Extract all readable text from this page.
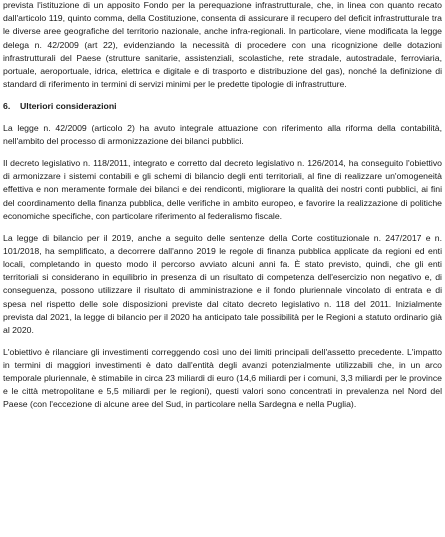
prevista l'istituzione di un apposito Fondo per la perequazione infrastrutturale, che, in linea con quanto recato dall'articolo 119, quinto comma, della Costituzione, consenta di assicurare il recupero del deficit infrastrutturale tra le diverse aree geografiche del territorio nazionale, anche infra-regionali. In particolare, viene modificata la legge delega n. 42/2009 (art 22), evidenziando la necessità di procedere con una ricognizione delle dotazioni infrastrutturali del Paese (strutture sanitarie, assistenziali, scolastiche, rete stradale, autostradale, ferroviaria, portuale, aeroportuale, idrica, elettrica e digitale e di trasporto e distribuzione del gas), nonché la definizione di standard di riferimento in termini di servizi minimi per le predette tipologie di infrastrutture.

6. Ulteriori considerazioni

La legge n. 42/2009 (articolo 2) ha avuto integrale attuazione con riferimento alla riforma della contabilità, nell'ambito del processo di armonizzazione dei bilanci pubblici.

Il decreto legislativo n. 118/2011, integrato e corretto dal decreto legislativo n. 126/2014, ha conseguito l'obiettivo di armonizzare i sistemi contabili e gli schemi di bilancio degli enti territoriali, al fine di realizzare un'omogeneità effettiva e non meramente formale dei bilanci e dei rendiconti, migliorare la qualità dei nostri conti pubblici, ai fini del coordinamento della finanza pubblica, delle verifiche in ambito europeo, e favorire la realizzazione di politiche economiche specifiche, con particolare riferimento al federalismo fiscale.

La legge di bilancio per il 2019, anche a seguito delle sentenze della Corte costituzionale n. 247/2017 e n. 101/2018, ha semplificato, a decorrere dall'anno 2019 le regole di finanza pubblica applicate da regioni ed enti locali, completando in questo modo il percorso avviato alcuni anni fa. È stato previsto, quindi, che gli enti territoriali si considerano in equilibrio in presenza di un risultato di competenza dell'esercizio non negativo e, di conseguenza, possono utilizzare il risultato di amministrazione e il fondo pluriennale vincolato di entrata e di spesa nel rispetto delle sole disposizioni previste dal citato decreto legislativo n. 118 del 2011. Inizialmente prevista dal 2021, la legge di bilancio per il 2020 ha anticipato tale possibilità per le Regioni a statuto ordinario già al 2020.

L'obiettivo è rilanciare gli investimenti correggendo così uno dei limiti principali dell'assetto precedente. L'impatto in termini di maggiori investimenti è dato dall'entità degli avanzi potenzialmente utilizzabili che, in un arco temporale pluriennale, è stimabile in circa 23 miliardi di euro (14,6 miliardi per i comuni, 3,3 miliardi per le province e le città metropolitane e 5,5 miliardi per le regioni), questi valori sono concentrati in prevalenza nel Nord del Paese (con l'eccezione di alcune aree del Sud, in particolare nella Sardegna e nella Puglia).
